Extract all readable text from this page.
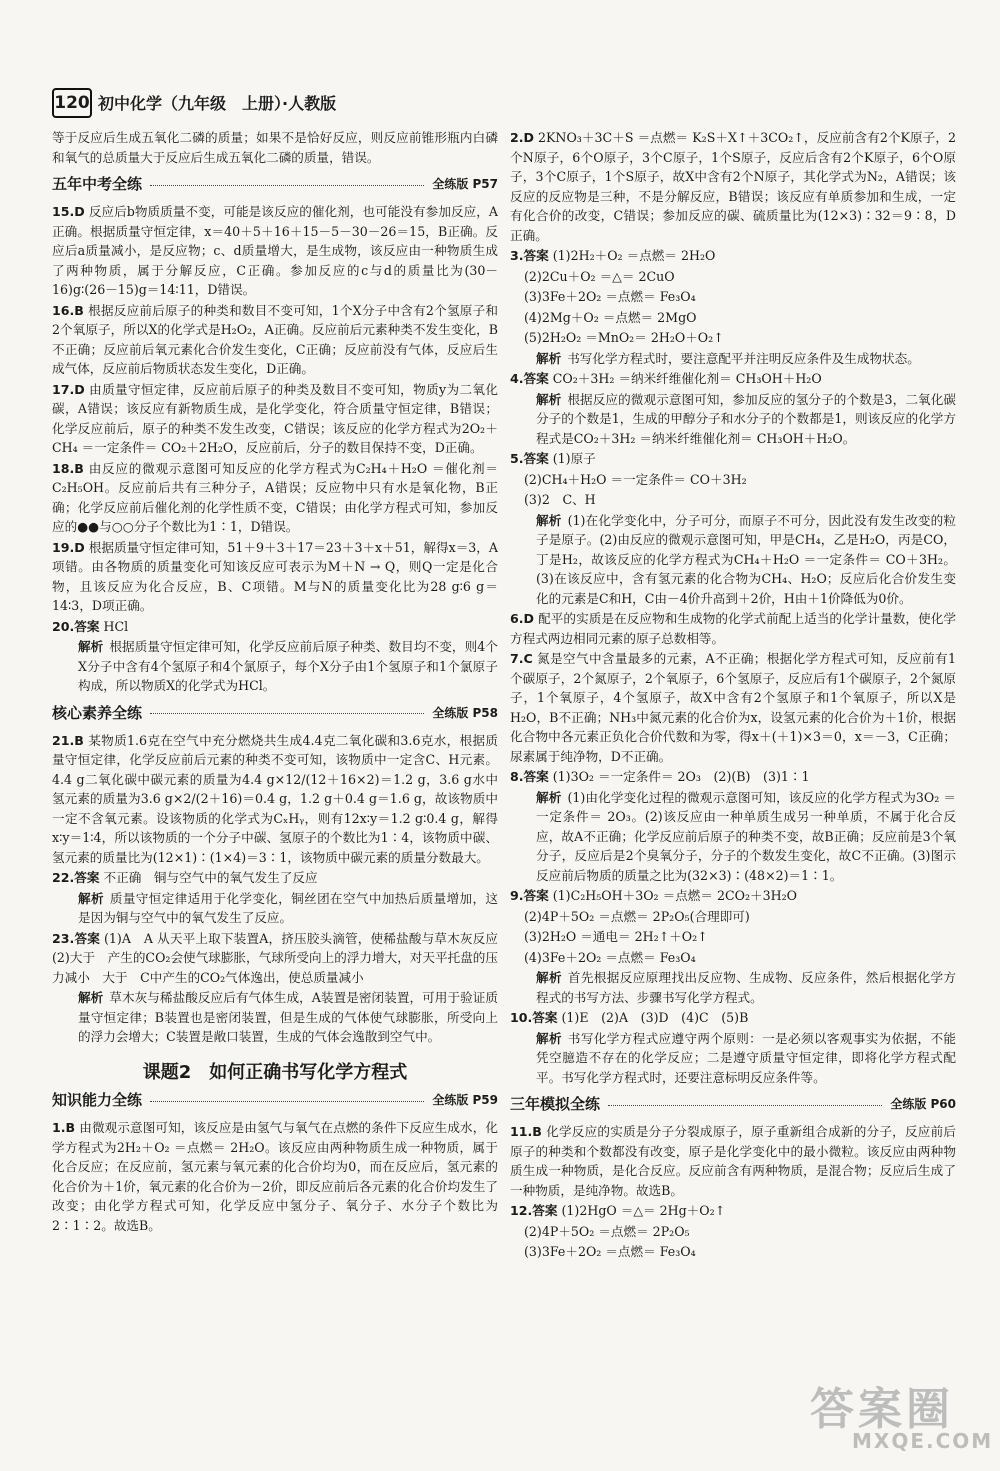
120 初中化学（九年级　上册）·人教版
等于反应后生成五氧化二磷的质量；如果不是恰好反应，则反应前锥形瓶内白磷和氧气的总质量大于反应后生成五氧化二磷的质量，错误。
五年中考全练	全练版 P57
15.D 反应后b物质质量不变，可能是该反应的催化剂，也可能没有参加反应，A正确。根据质量守恒定律，x＝40＋5＋16＋15－5－30－26＝15，B正确。反应后a质量减小，是反应物；c、d质量增大，是生成物，该反应由一种物质生成了两种物质，属于分解反应，C正确。参加反应的c与d的质量比为(30－16)g∶(26－15)g＝14∶11，D错误。
16.B 根据反应前后原子的种类和数目不变可知，1个X分子中含有2个氢原子和2个氧原子，所以X的化学式是H₂O₂，A正确。反应前后元素种类不发生变化，B不正确；反应前后氧元素化合价发生变化，C正确；反应前没有气体，反应后生成气体，反应前后物质状态发生变化，D正确。
17.D 由质量守恒定律，反应前后原子的种类及数目不变可知，物质y为二氧化碳，A错误；该反应有新物质生成，是化学变化，符合质量守恒定律，B错误；化学反应前后，原子的种类不发生改变，C错误；该反应的化学方程式为2O₂＋CH₄ ＝一定条件＝ CO₂＋2H₂O，反应前后，分子的数目保持不变，D正确。
18.B 由反应的微观示意图可知反应的化学方程式为C₂H₄＋H₂O ＝催化剂＝ C₂H₅OH。反应前后共有三种分子，A错误；反应物中只有水是氧化物，B正确；化学反应前后催化剂的化学性质不变，C错误；由化学方程式可知，参加反应的●●与○○分子个数比为1∶1，D错误。
19.D 根据质量守恒定律可知，51＋9＋3＋17＝23＋3＋x＋51，解得x＝3，A项错。由各物质的质量变化可知该反应可表示为M＋N → Q，则Q一定是化合物，且该反应为化合反应，B、C项错。M与N的质量变化比为28 g∶6 g＝14∶3，D项正确。
20.答案 HCl
解析 根据质量守恒定律可知，化学反应前后原子种类、数目均不变，则4个X分子中含有4个氢原子和4个氯原子，每个X分子由1个氢原子和1个氯原子构成，所以物质X的化学式为HCl。
核心素养全练	全练版 P58
21.B 某物质1.6克在空气中充分燃烧共生成4.4克二氧化碳和3.6克水，根据质量守恒定律，化学反应前后元素的种类不变可知，该物质中一定含C、H元素。4.4 g二氧化碳中碳元素的质量为4.4 g×12/(12＋16×2)＝1.2 g，3.6 g水中氢元素的质量为3.6 g×2/(2＋16)＝0.4 g，1.2 g＋0.4 g＝1.6 g，故该物质中一定不含氧元素。设该物质的化学式为CₓHᵧ，则有12x∶y＝1.2 g∶0.4 g，解得x∶y＝1∶4，所以该物质的一个分子中碳、氢原子的个数比为1∶4，该物质中碳、氢元素的质量比为(12×1)∶(1×4)＝3∶1，该物质中碳元素的质量分数最大。
22.答案 不正确　铜与空气中的氧气发生了反应
解析 质量守恒定律适用于化学变化，铜丝团在空气中加热后质量增加，这是因为铜与空气中的氧气发生了反应。
23.答案 (1)A　A 从天平上取下装置A，挤压胶头滴管，使稀盐酸与草木灰反应　(2)大于　产生的CO₂会使气球膨胀，气球所受向上的浮力增大，对天平托盘的压力减小　大于　C中产生的CO₂气体逸出，使总质量减小
解析 草木灰与稀盐酸反应后有气体生成，A装置是密闭装置，可用于验证质量守恒定律；B装置也是密闭装置，但是生成的气体使气球膨胀，所受向上的浮力会增大；C装置是敞口装置，生成的气体会逸散到空气中。
课题2　如何正确书写化学方程式
知识能力全练	全练版 P59
1.B 由微观示意图可知，该反应是由氢气与氧气在点燃的条件下反应生成水，化学方程式为2H₂＋O₂ ＝点燃＝ 2H₂O。该反应由两种物质生成一种物质，属于化合反应；在反应前，氢元素与氧元素的化合价均为0，而在反应后，氢元素的化合价为＋1价，氧元素的化合价为－2价，即反应前后各元素的化合价均发生了改变；由化学方程式可知，化学反应中氢分子、氧分子、水分子个数比为2∶1∶2。故选B。
2.D 2KNO₃＋3C＋S ＝点燃＝ K₂S＋X↑＋3CO₂↑，反应前含有2个K原子，2个N原子，6个O原子，3个C原子，1个S原子，反应后含有2个K原子，6个O原子，3个C原子，1个S原子，故X中含有2个N原子，其化学式为N₂，A错误；该反应的反应物是三种，不是分解反应，B错误；该反应有单质参加和生成，一定有化合价的改变，C错误；参加反应的碳、硫质量比为(12×3)∶32＝9∶8，D正确。
3.答案 (1)2H₂＋O₂ ＝点燃＝ 2H₂O
(2)2Cu＋O₂ ＝△＝ 2CuO
(3)3Fe＋2O₂ ＝点燃＝ Fe₃O₄
(4)2Mg＋O₂ ＝点燃＝ 2MgO
(5)2H₂O₂ ＝MnO₂＝ 2H₂O＋O₂↑
解析 书写化学方程式时，要注意配平并注明反应条件及生成物状态。
4.答案 CO₂＋3H₂ ＝纳米纤维催化剂＝ CH₃OH＋H₂O
解析 根据反应的微观示意图可知，参加反应的氢分子的个数是3，二氧化碳分子的个数是1，生成的甲醇分子和水分子的个数都是1，则该反应的化学方程式是CO₂＋3H₂ ＝纳米纤维催化剂＝ CH₃OH＋H₂O。
5.答案 (1)原子
(2)CH₄＋H₂O ＝一定条件＝ CO＋3H₂
(3)2　C、H
解析 (1)在化学变化中，分子可分，而原子不可分，因此没有发生改变的粒子是原子。(2)由反应的微观示意图可知，甲是CH₄，乙是H₂O，丙是CO，丁是H₂，故该反应的化学方程式为CH₄＋H₂O ＝一定条件＝ CO＋3H₂。(3)在该反应中，含有氢元素的化合物为CH₄、H₂O；反应后化合价发生变化的元素是C和H，C由－4价升高到＋2价，H由＋1价降低为0价。
6.D 配平的实质是在反应物和生成物的化学式前配上适当的化学计量数，使化学方程式两边相同元素的原子总数相等。
7.C 氮是空气中含量最多的元素，A不正确；根据化学方程式可知，反应前有1个碳原子，2个氮原子，2个氧原子，6个氢原子，反应后有1个碳原子，2个氮原子，1个氧原子，4个氢原子，故X中含有2个氢原子和1个氧原子，所以X是H₂O，B不正确；NH₃中氮元素的化合价为x，设氢元素的化合价为＋1价，根据化合物中各元素正负化合价代数和为零，得x＋(＋1)×3＝0，x＝－3，C正确；尿素属于纯净物，D不正确。
8.答案 (1)3O₂ ＝一定条件＝ 2O₃　(2)(B)　(3)1∶1
解析 (1)由化学变化过程的微观示意图可知，该反应的化学方程式为3O₂ ＝一定条件＝ 2O₃。(2)该反应由一种单质生成另一种单质，不属于化合反应，故A不正确；化学反应前后原子的种类不变，故B正确；反应前是3个氧分子，反应后是2个臭氧分子，分子的个数发生变化，故C不正确。(3)图示反应前后物质的质量之比为(32×3)∶(48×2)＝1∶1。
9.答案 (1)C₂H₅OH＋3O₂ ＝点燃＝ 2CO₂＋3H₂O
(2)4P＋5O₂ ＝点燃＝ 2P₂O₅(合理即可)
(3)2H₂O ＝通电＝ 2H₂↑＋O₂↑
(4)3Fe＋2O₂ ＝点燃＝ Fe₃O₄
解析 首先根据反应原理找出反应物、生成物、反应条件，然后根据化学方程式的书写方法、步骤书写化学方程式。
10.答案 (1)E　(2)A　(3)D　(4)C　(5)B
解析 书写化学方程式应遵守两个原则：一是必须以客观事实为依据，不能凭空臆造不存在的化学反应；二是遵守质量守恒定律，即将化学方程式配平。书写化学方程式时，还要注意标明反应条件等。
三年模拟全练	全练版 P60
11.B 化学反应的实质是分子分裂成原子，原子重新组合成新的分子，反应前后原子的种类和个数都没有改变，原子是化学变化中的最小微粒。该反应由两种物质生成一种物质，是化合反应。反应前含有两种物质，是混合物；反应后生成了一种物质，是纯净物。故选B。
12.答案 (1)2HgO ＝△＝ 2Hg＋O₂↑
(2)4P＋5O₂ ＝点燃＝ 2P₂O₅
(3)3Fe＋2O₂ ＝点燃＝ Fe₃O₄
答案圈
MXQE.COM
